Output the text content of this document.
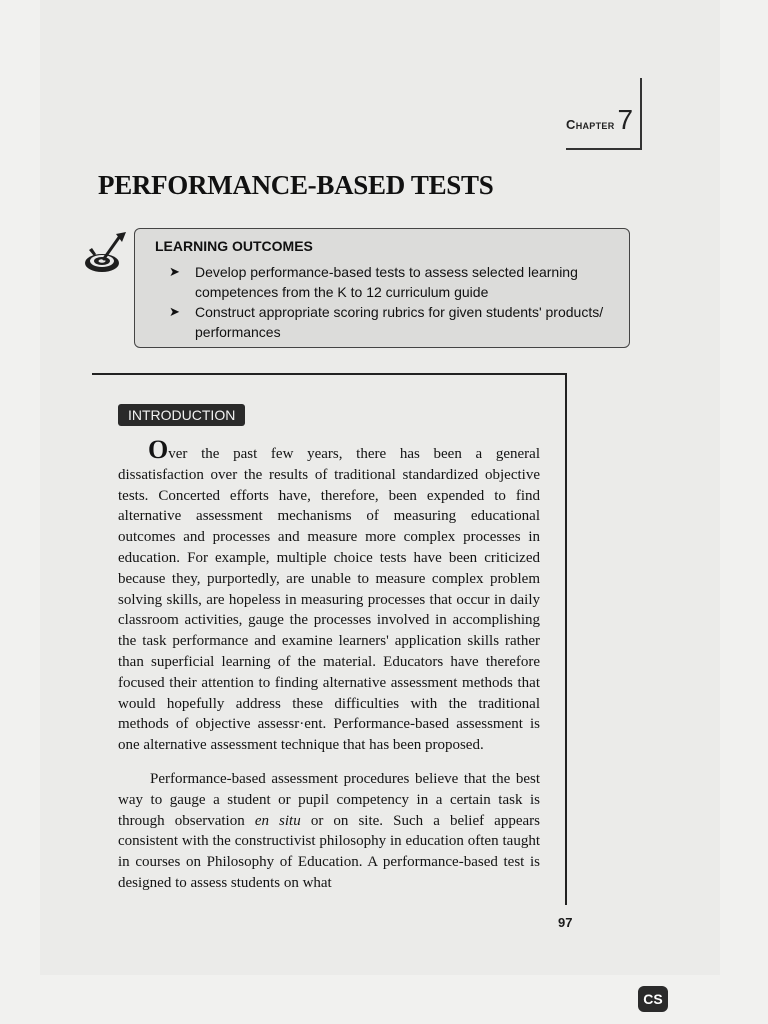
Chapter 7
PERFORMANCE-BASED TESTS
LEARNING OUTCOMES
➤ Develop performance-based tests to assess selected learning competences from the K to 12 curriculum guide
➤ Construct appropriate scoring rubrics for given students' products/ performances
INTRODUCTION

Over the past few years, there has been a general dissatisfaction over the results of traditional standardized objective tests. Concerted efforts have, therefore, been expended to find alternative assessment mechanisms of measuring educational outcomes and processes and measure more complex processes in education. For example, multiple choice tests have been criticized because they, purportedly, are unable to measure complex problem solving skills, are hopeless in measuring processes that occur in daily classroom activities, gauge the processes involved in accomplishing the task performance and examine learners' application skills rather than superficial learning of the material. Educators have therefore focused their attention to finding alternative assessment methods that would hopefully address these difficulties with the traditional methods of objective assessr·ent. Performance-based assessment is one alternative assessment technique that has been proposed.

Performance-based assessment procedures believe that the best way to gauge a student or pupil competency in a certain task is through observation en situ or on site. Such a belief appears consistent with the constructivist philosophy in education often taught in courses on Philosophy of Education. A performance-based test is designed to assess students on what

97
CS
